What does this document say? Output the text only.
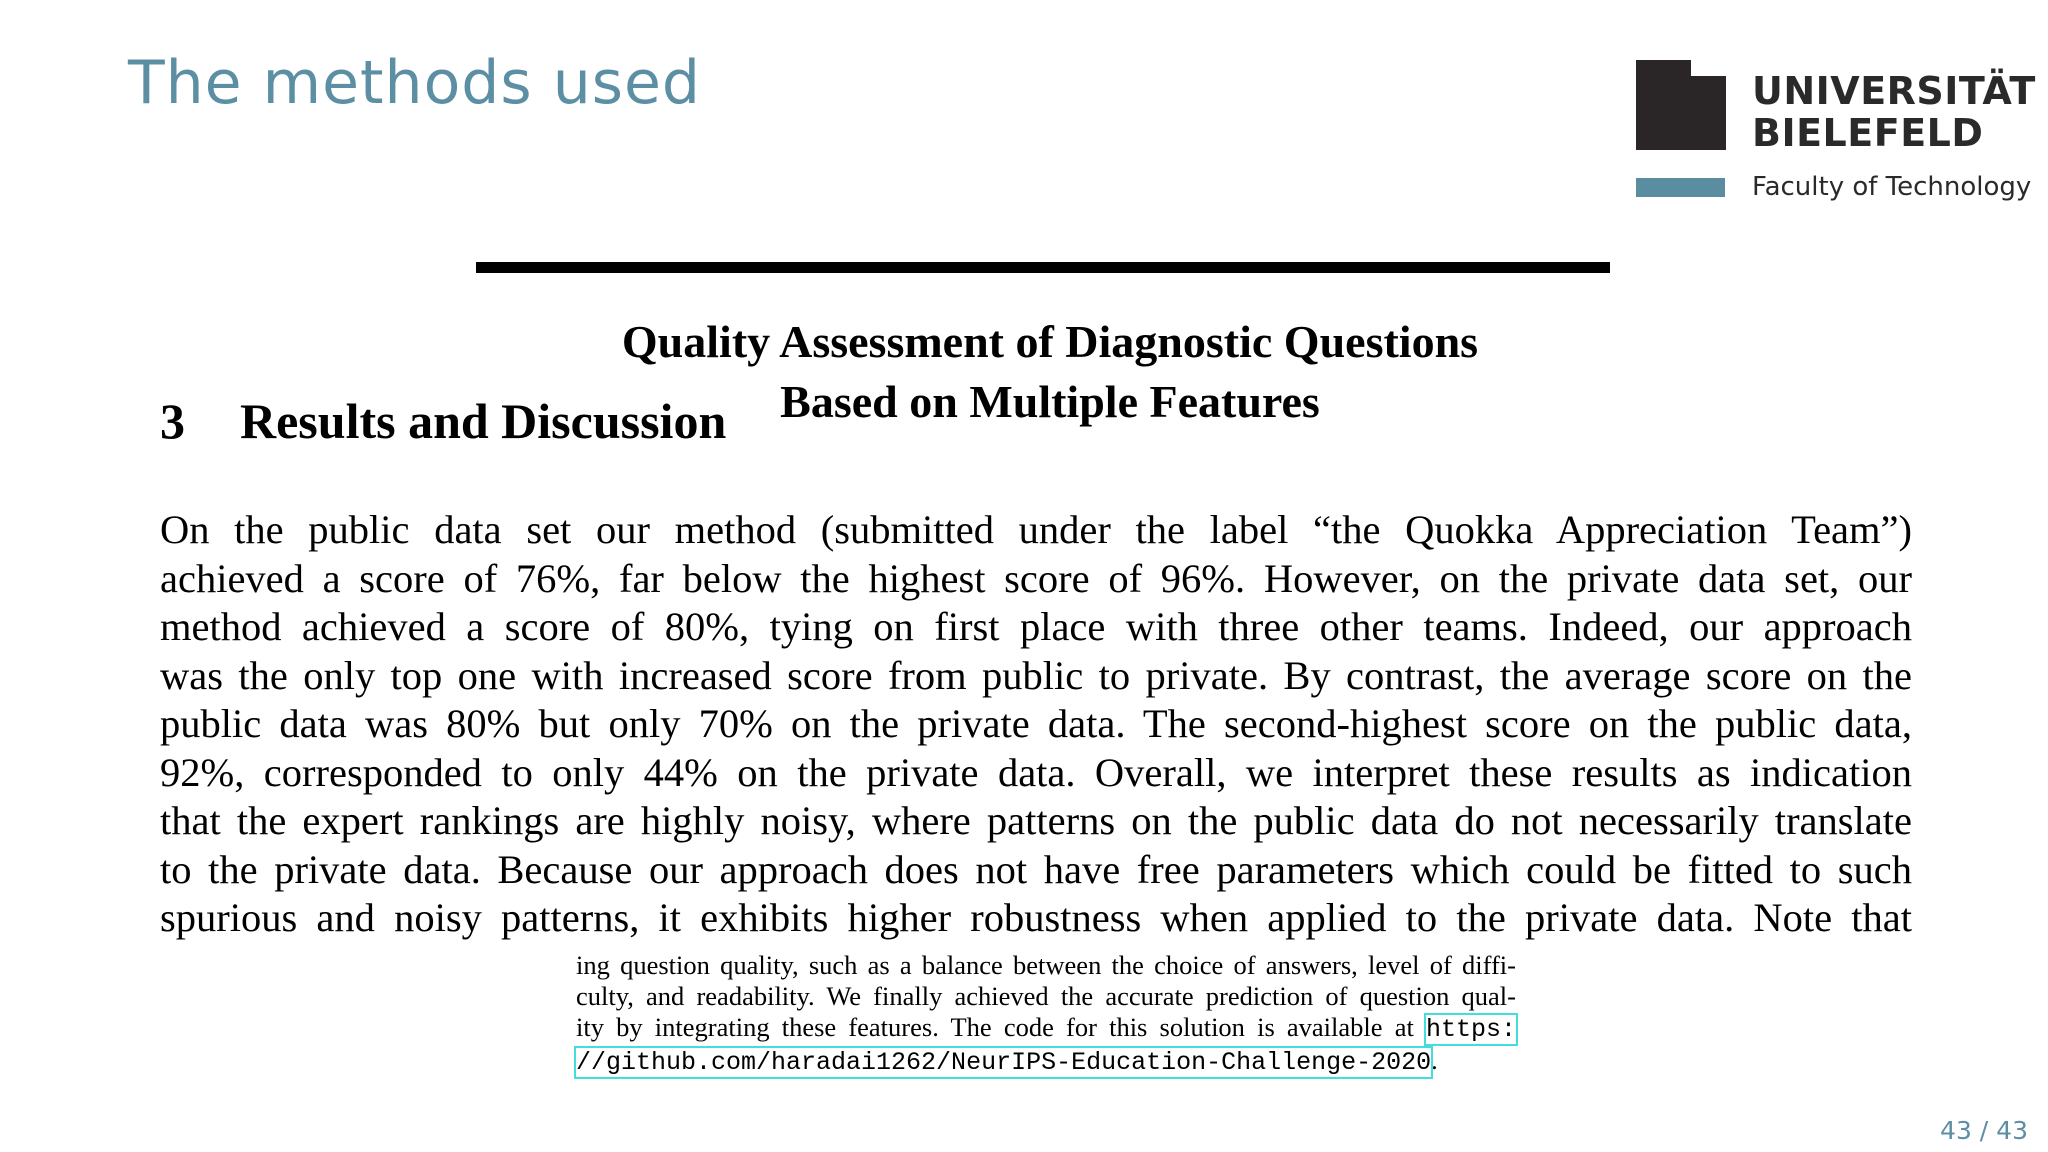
The methods used	UNIVERSITÄT
BIELEFELD
Faculty of Technology
Quality Assessment of Diagnostic Questions
Based on Multiple Features
3 Results and Discussion
On the public data set our method (submitted under the label “the Quokka Appreciation Team”)
achieved a score of 76%, far below the highest score of 96%. However, on the private data set, our
method achieved a score of 80%, tying on first place with three other teams. Indeed, our approach
was the only top one with increased score from public to private. By contrast, the average score on the
public data was 80% but only 70% on the private data. The second-highest score on the public data,
92%, corresponded to only 44% on the private data. Overall, we interpret these results as indication
that the expert rankings are highly noisy, where patterns on the public data do not necessarily translate
to the private data. Because our approach does not have free parameters which could be fitted to such
spurious and noisy patterns, it exhibits higher robustness when applied to the private data. Note that
ing question quality, such as a balance between the choice of answers, level of diffi-
culty, and readability. We finally achieved the accurate prediction of question qual-
ity by integrating these features. The code for this solution is available at https:
//github.com/haradai1262/NeurIPS-Education-Challenge-2020.
43 / 43
